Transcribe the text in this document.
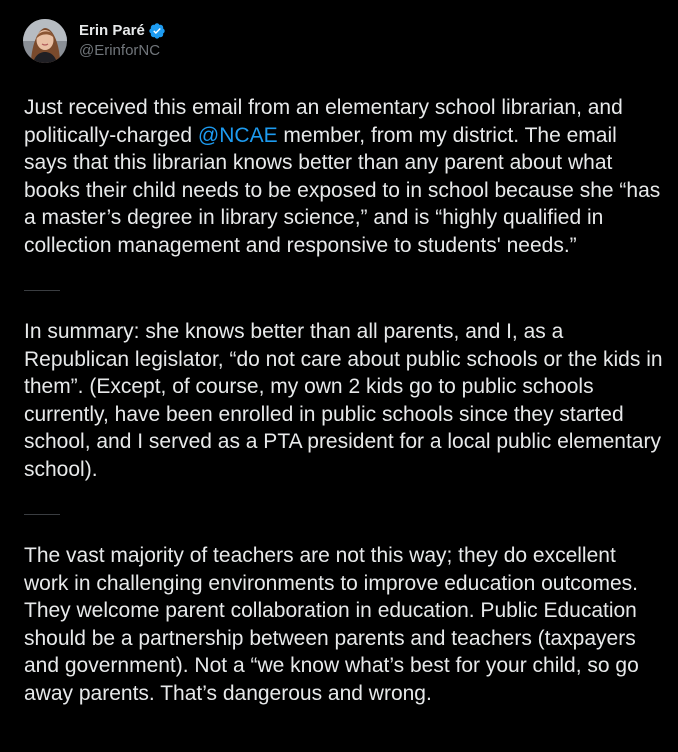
Erin Paré
@ErinforNC

Just received this email from an elementary school librarian, and politically-charged @NCAE member, from my district. The email says that this librarian knows better than any parent about what books their child needs to be exposed to in school because she “has a master’s degree in library science,” and is “highly qualified in collection management and responsive to students' needs.”

In summary: she knows better than all parents, and I, as a Republican legislator, “do not care about public schools or the kids in them”. (Except, of course, my own 2 kids go to public schools currently, have been enrolled in public schools since they started school, and I served as a PTA president for a local public elementary school).

The vast majority of teachers are not this way; they do excellent work in challenging environments to improve education outcomes. They welcome parent collaboration in education. Public Education should be a partnership between parents and teachers (taxpayers and government). Not a “we know what’s best for your child, so go away parents. That’s dangerous and wrong.
